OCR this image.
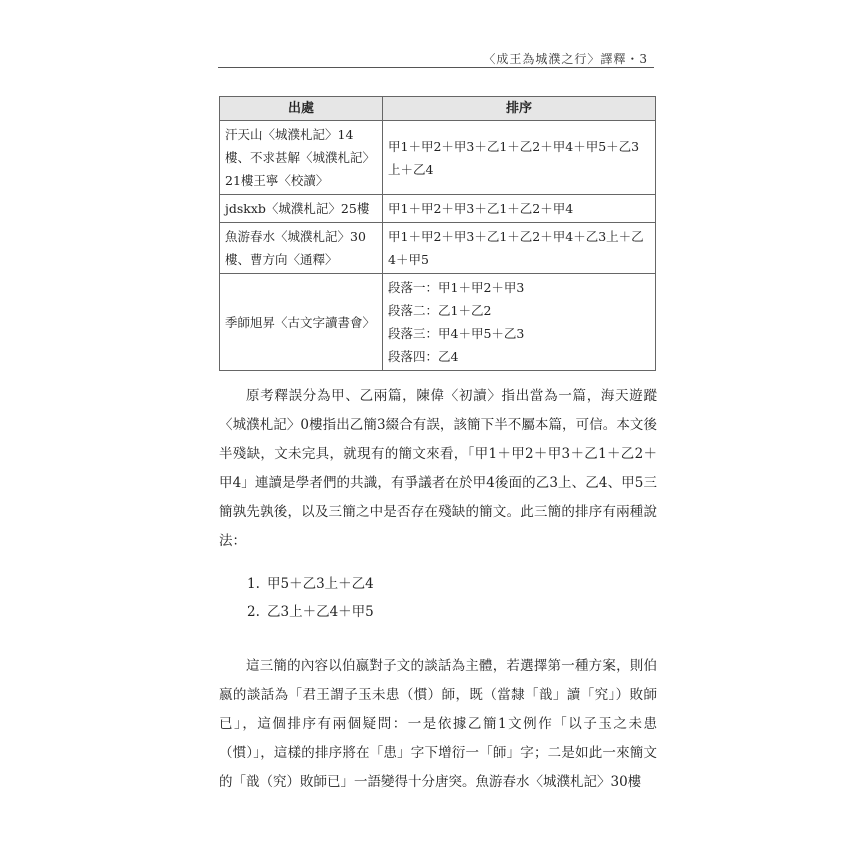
〈成王為城濮之行〉譯釋・3
出處	排序
汗天山〈城濮札記〉14樓、不求甚解〈城濮札記〉21樓王寧〈校讀〉	甲1＋甲2＋甲3＋乙1＋乙2＋甲4＋甲5＋乙3上＋乙4
jdskxb〈城濮札記〉25樓	甲1＋甲2＋甲3＋乙1＋乙2＋甲4
魚游春水〈城濮札記〉30樓、曹方向〈通釋〉	甲1＋甲2＋甲3＋乙1＋乙2＋甲4＋乙3上＋乙4＋甲5
季師旭昇〈古文字讀書會〉	段落一：甲1＋甲2＋甲3
段落二：乙1＋乙2
段落三：甲4＋甲5＋乙3
段落四：乙4

原考釋誤分為甲、乙兩篇，陳偉〈初讀〉指出當為一篇，海天遊蹤〈城濮札記〉0樓指出乙簡3綴合有誤，該簡下半不屬本篇，可信。本文後半殘缺，文未完具，就現有的簡文來看，「甲1＋甲2＋甲3＋乙1＋乙2＋甲4」連讀是學者們的共識，有爭議者在於甲4後面的乙3上、乙4、甲5三簡孰先孰後，以及三簡之中是否存在殘缺的簡文。此三簡的排序有兩種說法：

1. 甲5＋乙3上＋乙4
2. 乙3上＋乙4＋甲5

這三簡的內容以伯嬴對子文的談話為主體，若選擇第一種方案，則伯嬴的談話為「君王謂子玉未患（慣）師，既（當隸「戠」讀「究」）敗師已」，這個排序有兩個疑問：一是依據乙簡1文例作「以子玉之未患（慣）」，這樣的排序將在「患」字下增衍一「師」字；二是如此一來簡文的「戠（究）敗師已」一語變得十分唐突。魚游春水〈城濮札記〉30樓
